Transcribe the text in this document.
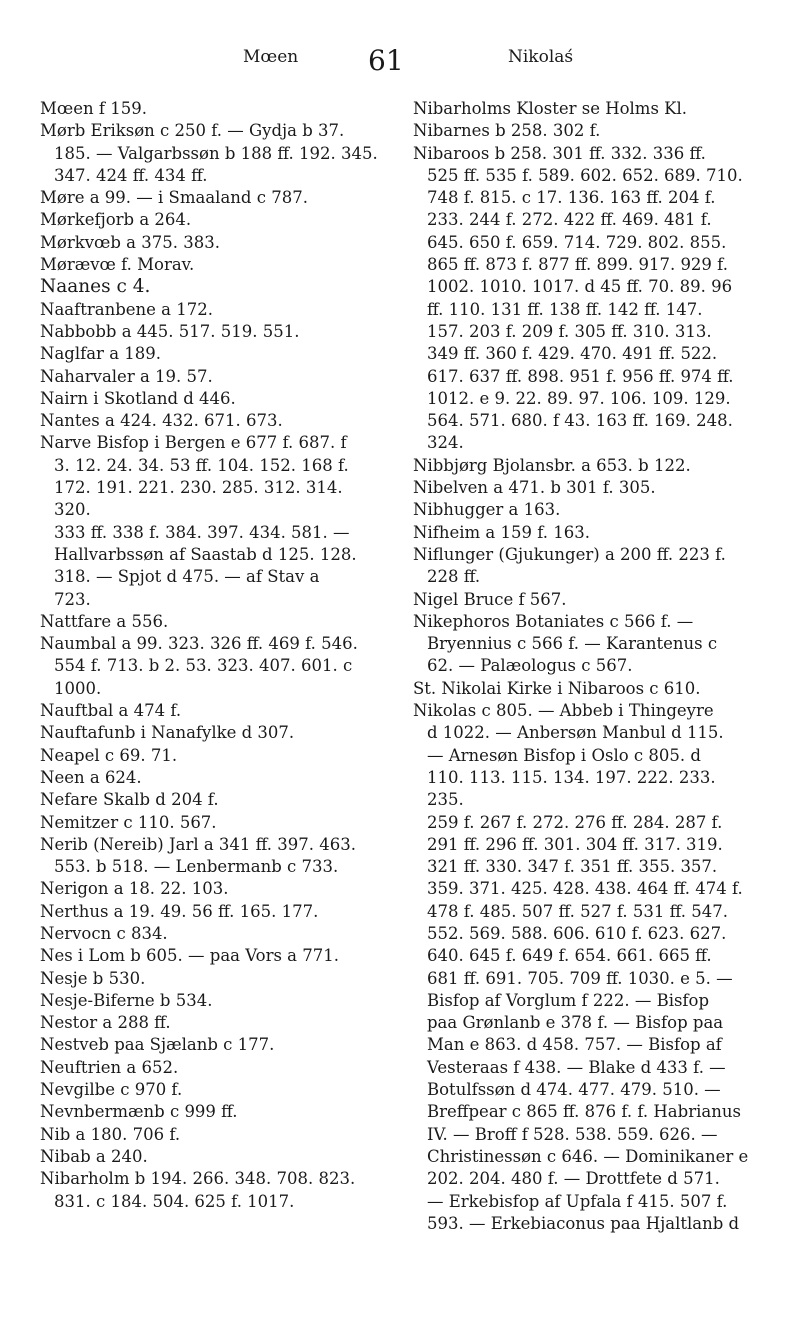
Mœen 61	Nikolaś
Mœen f 159.
Mørb Eriksøn c 250 f. — Gydja b 37.
185. — Valgarbssøn b 188 ff. 192. 345.
347. 424 ff. 434 ff.
Møre a 99. — i Smaaland c 787.
Mørkefjorb a 264.
Mørkvœb a 375. 383.
Mørævœ f. Morav.
Naanes c 4.
Naaftranbene a 172.
Nabbobb a 445. 517. 519. 551.
Naglfar a 189.
Naharvaler a 19. 57.
Nairn i Skotland d 446.
Nantes a 424. 432. 671. 673.
Narve Bisfop i Bergen e 677 f. 687. f
3. 12. 24. 34. 53 ff. 104. 152. 168 f.
172. 191. 221. 230. 285. 312. 314. 320.
333 ff. 338 f. 384. 397. 434. 581. —
Hallvarbssøn af Saastab d 125. 128.
318. — Spjot d 475. — af Stav a
723.
Nattfare a 556.
Naumbal a 99. 323. 326 ff. 469 f. 546.
554 f. 713. b 2. 53. 323. 407. 601. c
1000.
Nauftbal a 474 f.
Nauftafunb i Nanafylke d 307.
Neapel c 69. 71.
Neen a 624.
Nefare Skalb d 204 f.
Nemitzer c 110. 567.
Nerib (Nereib) Jarl a 341 ff. 397. 463.
553. b 518. — Lenbermanb c 733.
Nerigon a 18. 22. 103.
Nerthus a 19. 49. 56 ff. 165. 177.
Nervocn c 834.
Nes i Lom b 605. — paa Vors a 771.
Nesje b 530.
Nesje-Biferne b 534.
Nestor a 288 ff.
Nestveb paa Sjælanb c 177.
Neuftrien a 652.
Nevgilbe c 970 f.
Nevnbermænb c 999 ff.
Nib a 180. 706 f.
Nibab a 240.
Nibarholm b 194. 266. 348. 708. 823.
831. c 184. 504. 625 f. 1017.
Nibarholms Kloster se Holms Kl.
Nibarnes b 258. 302 f.
Nibaroos b 258. 301 ff. 332. 336 ff.
525 ff. 535 f. 589. 602. 652. 689. 710.
748 f. 815. c 17. 136. 163 ff. 204 f.
233. 244 f. 272. 422 ff. 469. 481 f.
645. 650 f. 659. 714. 729. 802. 855.
865 ff. 873 f. 877 ff. 899. 917. 929 f.
1002. 1010. 1017. d 45 ff. 70. 89. 96
ff. 110. 131 ff. 138 ff. 142 ff. 147.
157. 203 f. 209 f. 305 ff. 310. 313.
349 ff. 360 f. 429. 470. 491 ff. 522.
617. 637 ff. 898. 951 f. 956 ff. 974 ff.
1012. e 9. 22. 89. 97. 106. 109. 129.
564. 571. 680. f 43. 163 ff. 169. 248.
324.
Nibbjørg Bjolansbr. a 653. b 122.
Nibelven a 471. b 301 f. 305.
Nibhugger a 163.
Nifheim a 159 f. 163.
Niflunger (Gjukunger) a 200 ff. 223 f.
228 ff.
Nigel Bruce f 567.
Nikephoros Botaniates c 566 f. —
Bryennius c 566 f. — Karantenus c
62. — Palæologus c 567.
St. Nikolai Kirke i Nibaroos c 610.
Nikolas c 805. — Abbeb i Thingeyre
d 1022. — Anbersøn Manbul d 115.
— Arnesøn Bisfop i Oslo c 805. d
110. 113. 115. 134. 197. 222. 233. 235.
259 f. 267 f. 272. 276 ff. 284. 287 f.
291 ff. 296 ff. 301. 304 ff. 317. 319.
321 ff. 330. 347 f. 351 ff. 355. 357.
359. 371. 425. 428. 438. 464 ff. 474 f.
478 f. 485. 507 ff. 527 f. 531 ff. 547.
552. 569. 588. 606. 610 f. 623. 627.
640. 645 f. 649 f. 654. 661. 665 ff.
681 ff. 691. 705. 709 ff. 1030. e 5. —
Bisfop af Vorglum f 222. — Bisfop
paa Grønlanb e 378 f. — Bisfop paa
Man e 863. d 458. 757. — Bisfop af
Vesteraas f 438. — Blake d 433 f. —
Botulfssøn d 474. 477. 479. 510. —
Breffpear c 865 ff. 876 f. f. Habrianus
IV. — Broff f 528. 538. 559. 626. —
Christinessøn c 646. — Dominikaner e
202. 204. 480 f. — Drottfete d 571.
— Erkebisfop af Upfala f 415. 507 f.
593. — Erkebiaconus paa Hjaltlanb d
